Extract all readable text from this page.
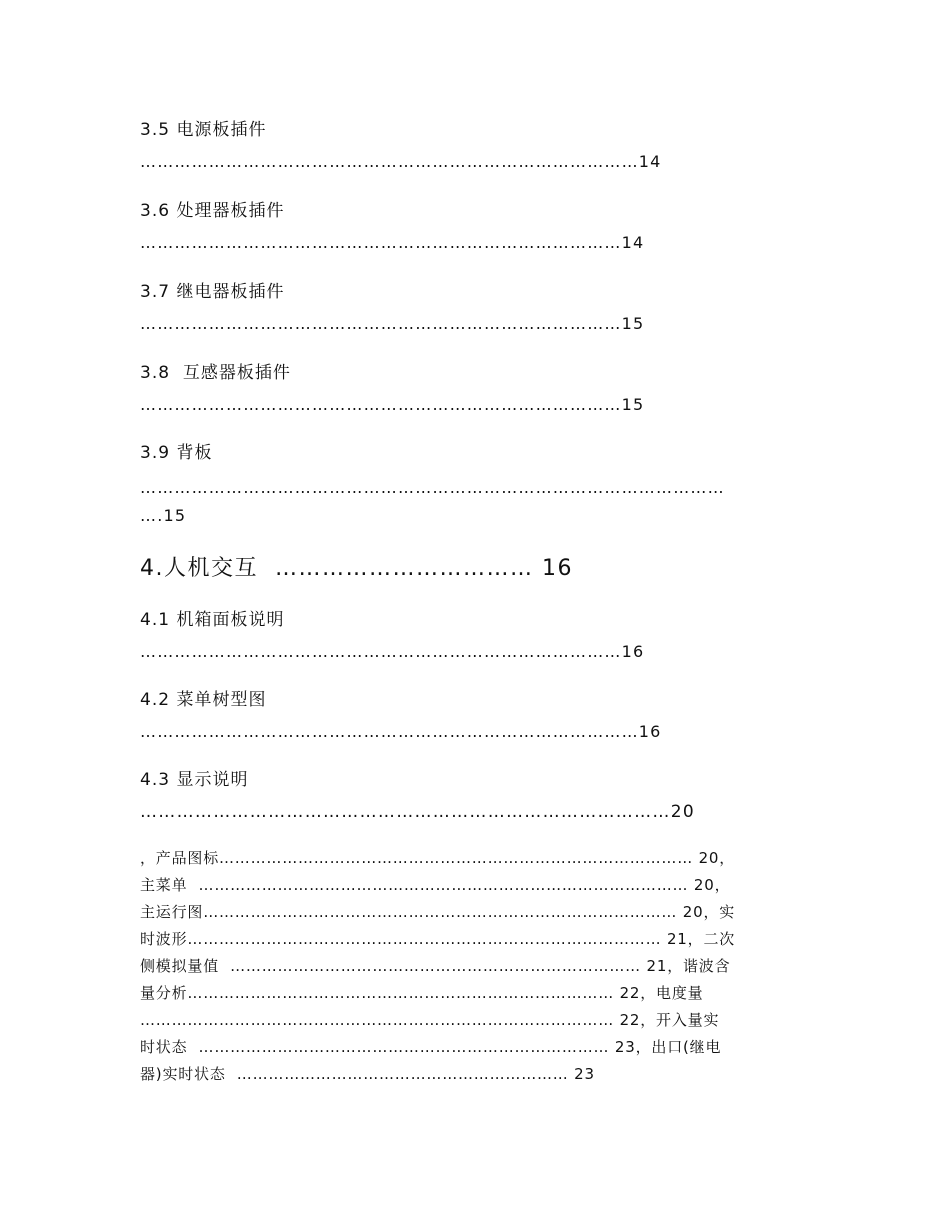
3.5 电源板插件
……………………………………………………………………………14
3.6 处理器板插件
…………………………………………………………………………14
3.7 继电器板插件
…………………………………………………………………………15
3.8  互感器板插件
…………………………………………………………………………15
3.9 背板
…………………………………………………………………………………………
….15
4.人机交互  …………………………… 16
4.1 机箱面板说明
…………………………………………………………………………16
4.2 菜单树型图
……………………………………………………………………………16
4.3 显示说明
……………………………………………………………………………20
，产品图标……………………………………………………………………………… 20，
主菜单  ………………………………………………………………………………… 20，
主运行图……………………………………………………………………………… 20，实
时波形……………………………………………………………………………… 21，二次
侧模拟量值  …………………………………………………………………… 21，谐波含
量分析……………………………………………………………………… 22，电度量
……………………………………………………………………………… 22，开入量实
时状态  …………………………………………………………………… 23，出口(继电
器)实时状态  ……………………………………………………… 23
